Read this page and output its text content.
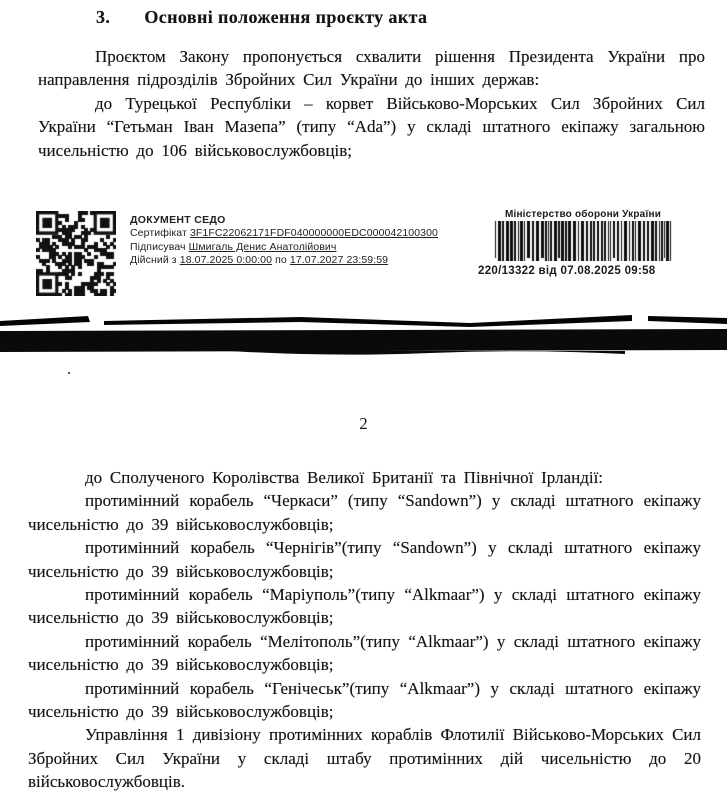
3. Основні положення проєкту акта

Проєктом Закону пропонується схвалити рішення Президента України про направлення підрозділів Збройних Сил України до інших держав:

до Турецької Республіки – корвет Військово-Морських Сил Збройних Сил України “Гетьман Іван Мазепа” (типу “Ada”) у складі штатного екіпажу загальною чисельністю до 106 військовослужбовців;

ДОКУМЕНТ СЕДО
Сертифікат 3F1FC22062171FDF040000000EDC000042100300
Підписувач Шмигаль Денис Анатолійович
Дійсний з 18.07.2025 0:00:00 по 17.07.2027 23:59:59
Міністерство оборони України
220/13322 від 07.08.2025 09:58
2

до Сполученого Королівства Великої Британії та Північної Ірландії:

протимінний корабель “Черкаси” (типу “Sandown”) у складі штатного екіпажу чисельністю до 39 військовослужбовців;

протимінний корабель “Чернігів”(типу “Sandown”) у складі штатного екіпажу чисельністю до 39 військовослужбовців;

протимінний корабель “Маріуполь”(типу “Alkmaar”) у складі штатного екіпажу чисельністю до 39 військовослужбовців;

протимінний корабель “Мелітополь”(типу “Alkmaar”) у складі штатного екіпажу чисельністю до 39 військовослужбовців;

протимінний корабель “Генічеськ”(типу “Alkmaar”) у складі штатного екіпажу чисельністю до 39 військовослужбовців;

Управління 1 дивізіону протимінних кораблів Флотилії Військово-Морських Сил Збройних Сил України у складі штабу протимінних дій чисельністю до 20 військовослужбовців.
